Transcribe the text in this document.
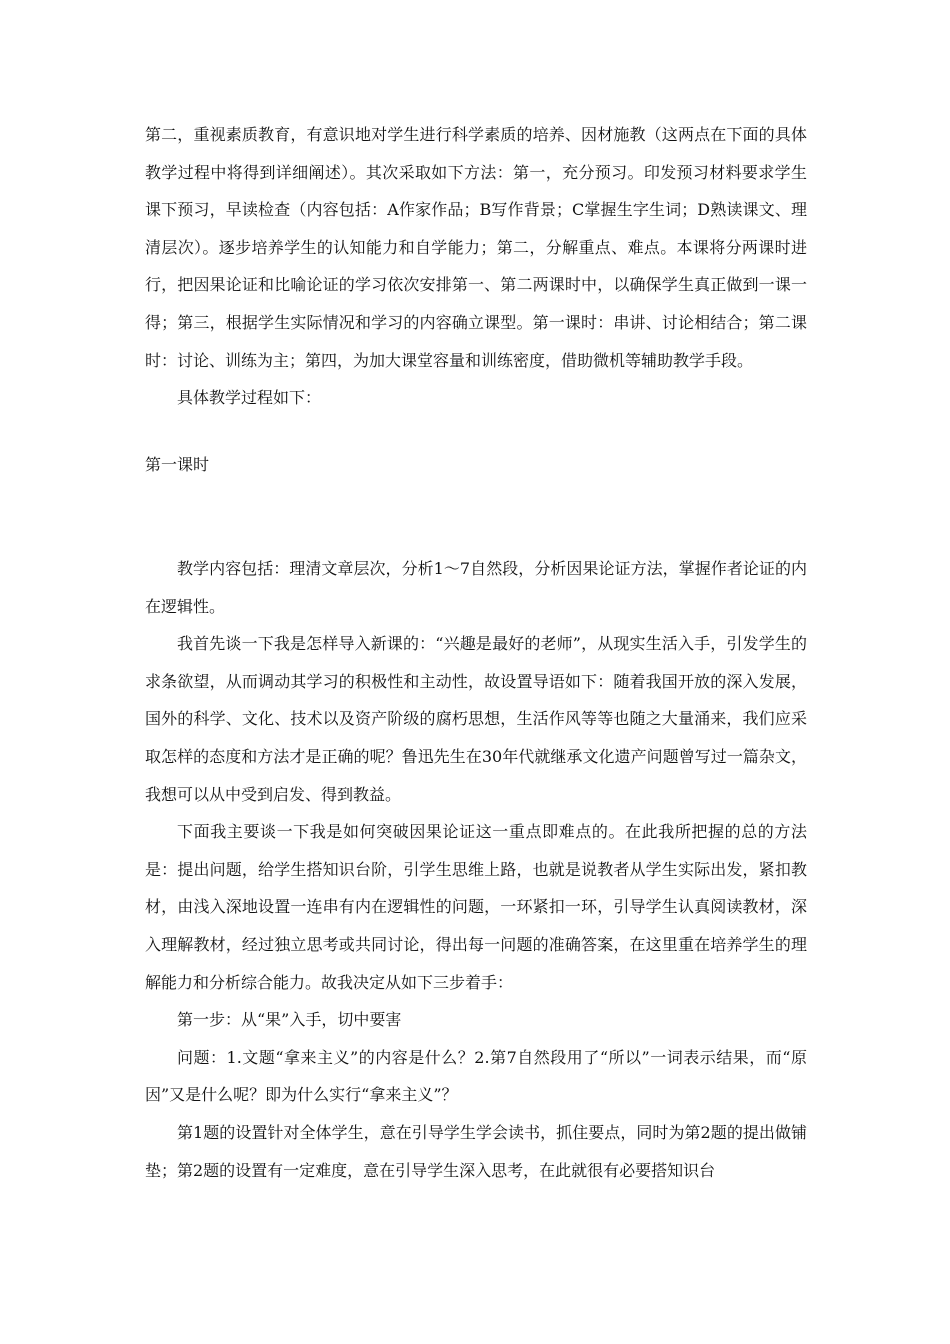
第二，重视素质教育，有意识地对学生进行科学素质的培养、因材施教（这两点在下面的具体教学过程中将得到详细阐述）。其次采取如下方法：第一，充分预习。印发预习材料要求学生课下预习，早读检查（内容包括：A作家作品；B写作背景；C掌握生字生词；D熟读课文、理清层次）。逐步培养学生的认知能力和自学能力；第二，分解重点、难点。本课将分两课时进行，把因果论证和比喻论证的学习依次安排第一、第二两课时中，以确保学生真正做到一课一得；第三，根据学生实际情况和学习的内容确立课型。第一课时：串讲、讨论相结合；第二课时：讨论、训练为主；第四，为加大课堂容量和训练密度，借助微机等辅助教学手段。

具体教学过程如下：

第一课时

教学内容包括：理清文章层次，分析1～7自然段，分析因果论证方法，掌握作者论证的内在逻辑性。

我首先谈一下我是怎样导入新课的：“兴趣是最好的老师”，从现实生活入手，引发学生的求条欲望，从而调动其学习的积极性和主动性，故设置导语如下：随着我国开放的深入发展，国外的科学、文化、技术以及资产阶级的腐朽思想，生活作风等等也随之大量涌来，我们应采取怎样的态度和方法才是正确的呢？鲁迅先生在30年代就继承文化遗产问题曾写过一篇杂文，我想可以从中受到启发、得到教益。

下面我主要谈一下我是如何突破因果论证这一重点即难点的。在此我所把握的总的方法是：提出问题，给学生搭知识台阶，引学生思维上路，也就是说教者从学生实际出发，紧扣教材，由浅入深地设置一连串有内在逻辑性的问题，一环紧扣一环，引导学生认真阅读教材，深入理解教材，经过独立思考或共同讨论，得出每一问题的准确答案，在这里重在培养学生的理解能力和分析综合能力。故我决定从如下三步着手：

第一步：从“果”入手，切中要害

问题：1.文题“拿来主义”的内容是什么？2.第7自然段用了“所以”一词表示结果，而“原因”又是什么呢？即为什么实行“拿来主义”？

第1题的设置针对全体学生，意在引导学生学会读书，抓住要点，同时为第2题的提出做铺垫；第2题的设置有一定难度，意在引导学生深入思考，在此就很有必要搭知识台
